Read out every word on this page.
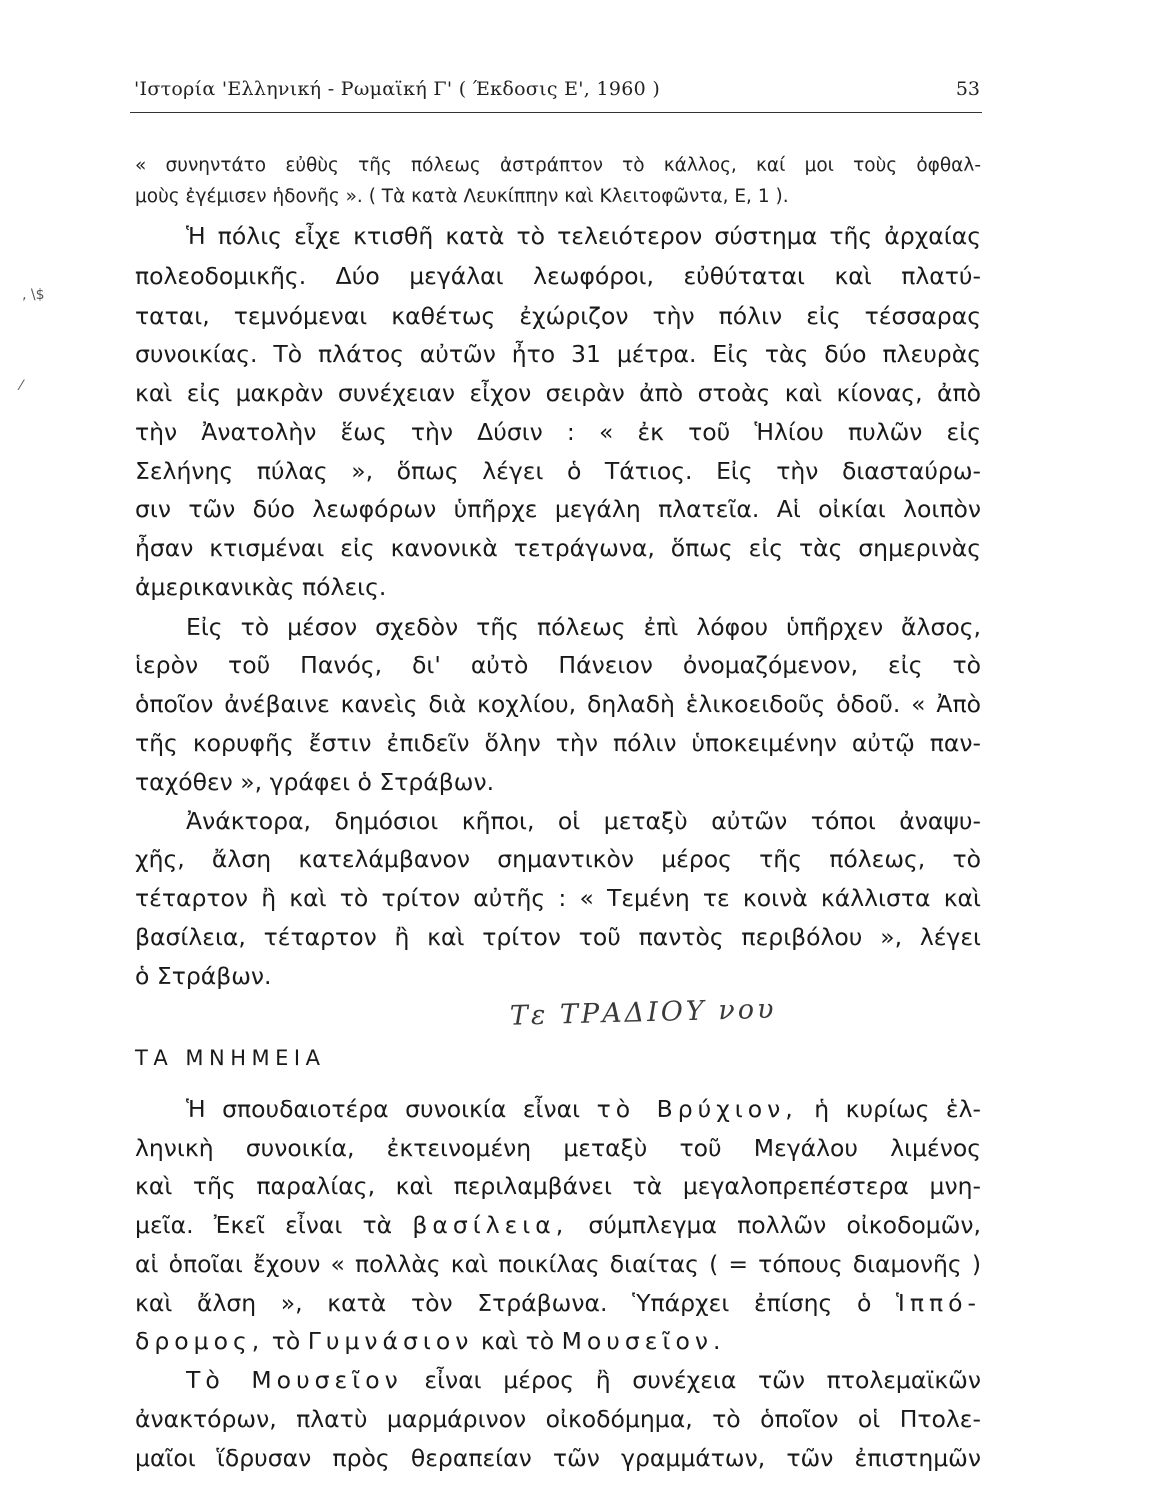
'Ιστορία 'Ελληνική - Ρωμαϊκή Γ' ( Έκδοσις Ε', 1960 )	53
‚ \$
⁄
« συνηντάτο εὐθὺς τῆς πόλεως ἀστράπτον τὸ κάλλος, καί μοι τοὺς ὀφθαλ-
μοὺς ἐγέμισεν ἡδονῆς ». ( Τὰ κατὰ Λευκίππην καὶ Κλειτοφῶντα, Ε, 1 ).
Ἡ πόλις εἶχε κτισθῆ κατὰ τὸ τελειότερον σύστημα τῆς ἀρχαίας
πολεοδομικῆς. Δύο μεγάλαι λεωφόροι, εὐθύταται καὶ πλατύ-
ταται, τεμνόμεναι καθέτως ἐχώριζον τὴν πόλιν εἰς τέσσαρας
συνοικίας. Τὸ πλάτος αὐτῶν ἦτο 31 μέτρα. Εἰς τὰς δύο πλευρὰς
καὶ εἰς μακρὰν συνέχειαν εἶχον σειρὰν ἀπὸ στοὰς καὶ κίονας, ἀπὸ
τὴν Ἀνατολὴν ἕως τὴν Δύσιν : « ἐκ τοῦ Ἡλίου πυλῶν εἰς
Σελήνης πύλας », ὅπως λέγει ὁ Τάτιος. Εἰς τὴν διασταύρω-
σιν τῶν δύο λεωφόρων ὑπῆρχε μεγάλη πλατεῖα. Αἱ οἰκίαι λοιπὸν
ἦσαν κτισμέναι εἰς κανονικὰ τετράγωνα, ὅπως εἰς τὰς σημερινὰς
ἀμερικανικὰς πόλεις.
Εἰς τὸ μέσον σχεδὸν τῆς πόλεως ἐπὶ λόφου ὑπῆρχεν ἄλσος,
ἱερὸν τοῦ Πανός, δι' αὐτὸ Πάνειον ὀνομαζόμενον, εἰς τὸ
ὁποῖον ἀνέβαινε κανεὶς διὰ κοχλίου, δηλαδὴ ἑλικοειδοῦς ὁδοῦ. « Ἀπὸ
τῆς κορυφῆς ἔστιν ἐπιδεῖν ὅλην τὴν πόλιν ὑποκειμένην αὐτῷ παν-
ταχόθεν », γράφει ὁ Στράβων.
Ἀνάκτορα, δημόσιοι κῆποι, οἱ μεταξὺ αὐτῶν τόποι ἀναψυ-
χῆς, ἄλση κατελάμβανον σημαντικὸν μέρος τῆς πόλεως, τὸ
τέταρτον ἢ καὶ τὸ τρίτον αὐτῆς : « Τεμένη τε κοινὰ κάλλιστα καὶ
βασίλεια, τέταρτον ἢ καὶ τρίτον τοῦ παντὸς περιβόλου », λέγει
ὁ Στράβων.
Τε ΤΡΑΔΙΟΥ νου
ΤΑ ΜΝΗΜΕΙΑ
Ἡ σπουδαιοτέρα συνοικία εἶναι τὸ Βρύχιον, ἡ κυρίως ἑλ-
ληνικὴ συνοικία, ἐκτεινομένη μεταξὺ τοῦ Μεγάλου λιμένος
καὶ τῆς παραλίας, καὶ περιλαμβάνει τὰ μεγαλοπρεπέστερα μνη-
μεῖα. Ἐκεῖ εἶναι τὰ βασίλεια, σύμπλεγμα πολλῶν οἰκοδομῶν,
αἱ ὁποῖαι ἔχουν « πολλὰς καὶ ποικίλας διαίτας ( = τόπους διαμονῆς )
καὶ ἄλση », κατὰ τὸν Στράβωνα. Ὑπάρχει ἐπίσης ὁ Ἱππό-
δρομος, τὸ Γυμνάσιον καὶ τὸ Μουσεῖον.
Τὸ Μουσεῖον εἶναι μέρος ἢ συνέχεια τῶν πτολεμαϊκῶν
ἀνακτόρων, πλατὺ μαρμάρινον οἰκοδόμημα, τὸ ὁποῖον οἱ Πτολε-
μαῖοι ἵδρυσαν πρὸς θεραπείαν τῶν γραμμάτων, τῶν ἐπιστημῶν
